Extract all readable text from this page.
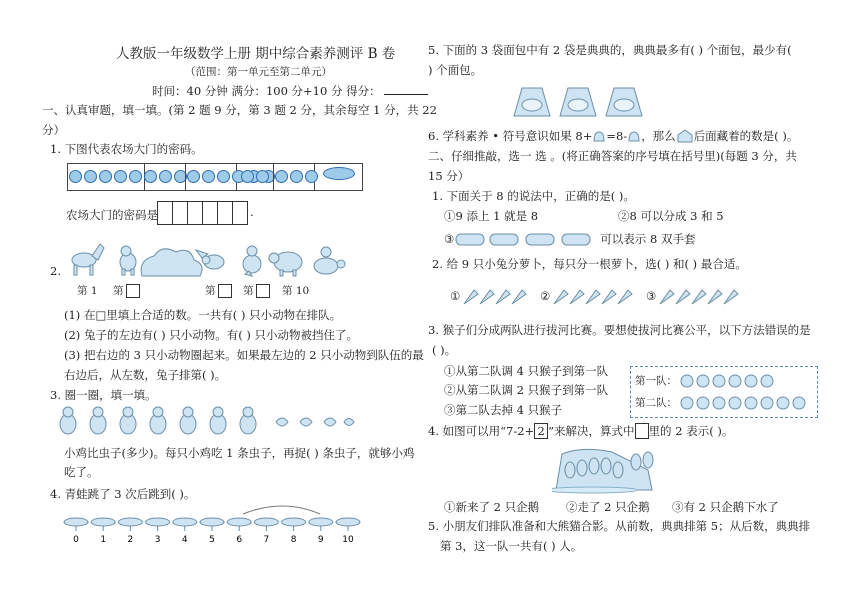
人教版一年级数学上册 期中综合素养测评 B 卷
（范围：第一单元至第二单元）
时间：40 分钟 满分：100 分+10 分 得分：
一、认真审题，填一填。(第 2 题 9 分，第 3 题 2 分，其余每空 1 分，共 22
分）
1. 下图代表农场大门的密码。
农场大门的密码是	.
2.
第 1 第	第	第	第 10
(1) 在□里填上合适的数。一共有( ) 只小动物在排队。
(2) 兔子的左边有( ) 只小动物。有( ) 只小动物被挡住了。
(3) 把右边的 3 只小动物圈起来。如果最左边的 2 只小动物到队伍的最
右边后，从左数，兔子排第( )。
3. 圈一圈，填一填。
小鸡比虫子(多少)。每只小鸡吃 1 条虫子，再捉( ) 条虫子，就够小鸡
吃了。
4. 青蛙跳了 3 次后跳到( )。
0 1 2 3 4 5 6 7 8 9 10
5. 下面的 3 袋面包中有 2 袋是典典的，典典最多有( ) 个面包，最少有(
) 个面包。
6. 学科素养 • 符号意识如果 8+ =8- ，那么 后面藏着的数是( )。
二、仔细推敲，选一 选 。(将正确答案的序号填在括号里)(每题 3 分，共
15 分）
1. 下面关于 8 的说法中，正确的是( )。
①9 添上 1 就是 8	②8 可以分成 3 和 5
③	可以表示 8 双手套
2. 给 9 只小兔分萝卜，每只分一根萝卜，选( ) 和( ) 最合适。
①	②	③
3. 猴子们分成两队进行拔河比赛。要想使拔河比赛公平，以下方法错误的是
( )。
①从第二队调 4 只猴子到第一队
②从第二队调 2 只猴子到第一队
③第二队去掉 4 只猴子
第一队：
第二队：
4. 如图可以用“7-2+ 2 ”来解决，算式中 里的 2 表示( )。
①新来了 2 只企鹅 ②走了 2 只企鹅 ③有 2 只企鹅下水了
5. 小朋友们排队准备和大熊猫合影。从前数，典典排第 5；从后数，典典排
第 3，这一队一共有( ) 人。
